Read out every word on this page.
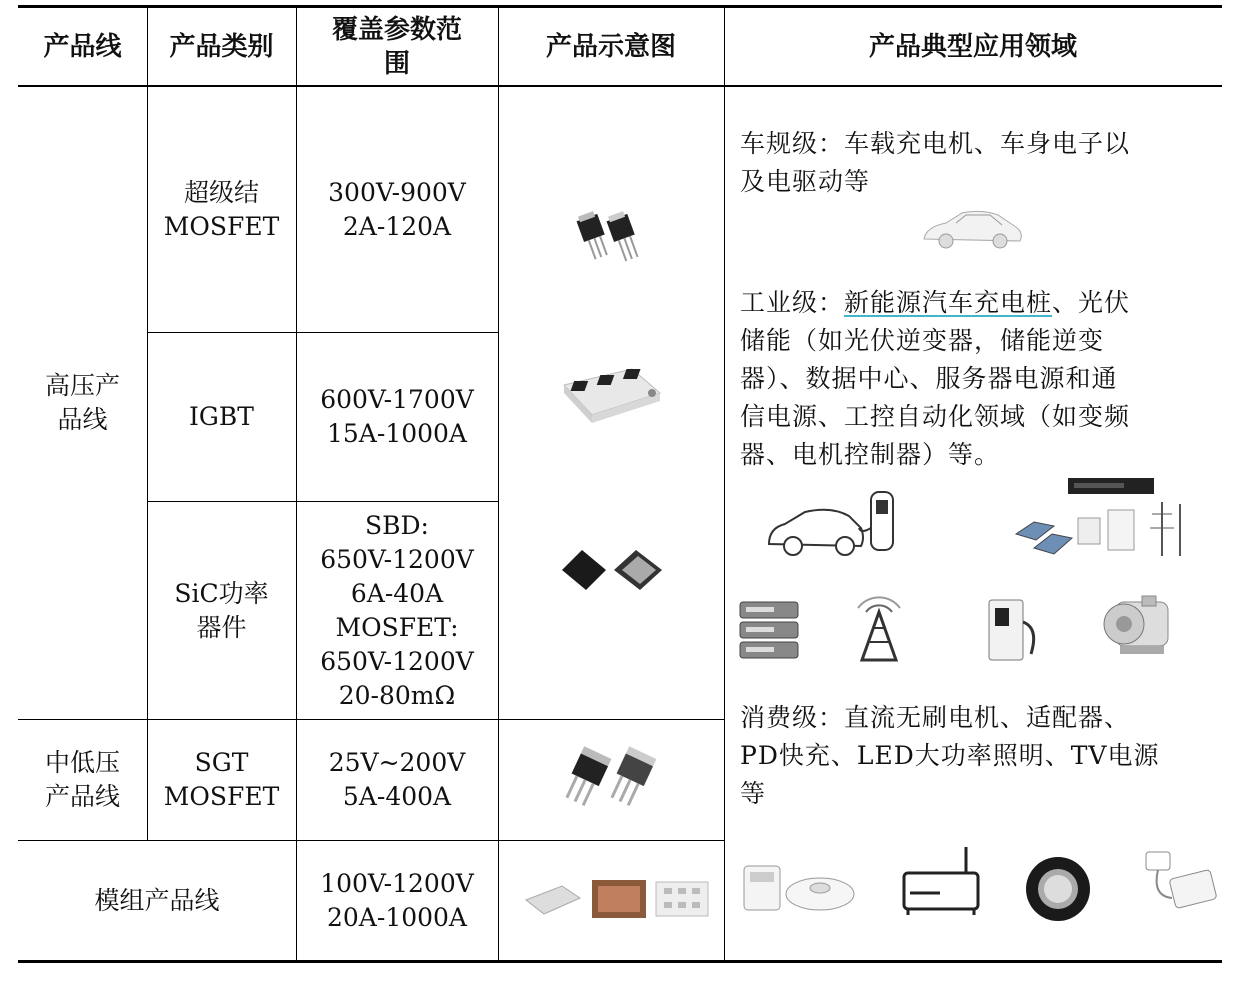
产品线	产品类别
覆盖参数范
围
产品示意图	产品典型应用领域
高压产
品线
中低压
产品线
模组产品线
超级结
MOSFET
IGBT
SiC功率
器件
SGT
MOSFET
300V-900V
2A-120A
600V-1700V
15A-1000A
SBD:
650V-1200V
6A-40A
MOSFET:
650V-1200V
20-80mΩ
25V~200V
5A-400A
100V-1200V
20A-1000A
车规级：车载充电机、车身电子以
及电驱动等
工业级：新能源汽车充电桩、光伏
储能（如光伏逆变器，储能逆变
器）、数据中心、服务器电源和通
信电源、工控自动化领域（如变频
器、电机控制器）等。
消费级：直流无刷电机、适配器、
PD快充、LED大功率照明、TV电源
等
